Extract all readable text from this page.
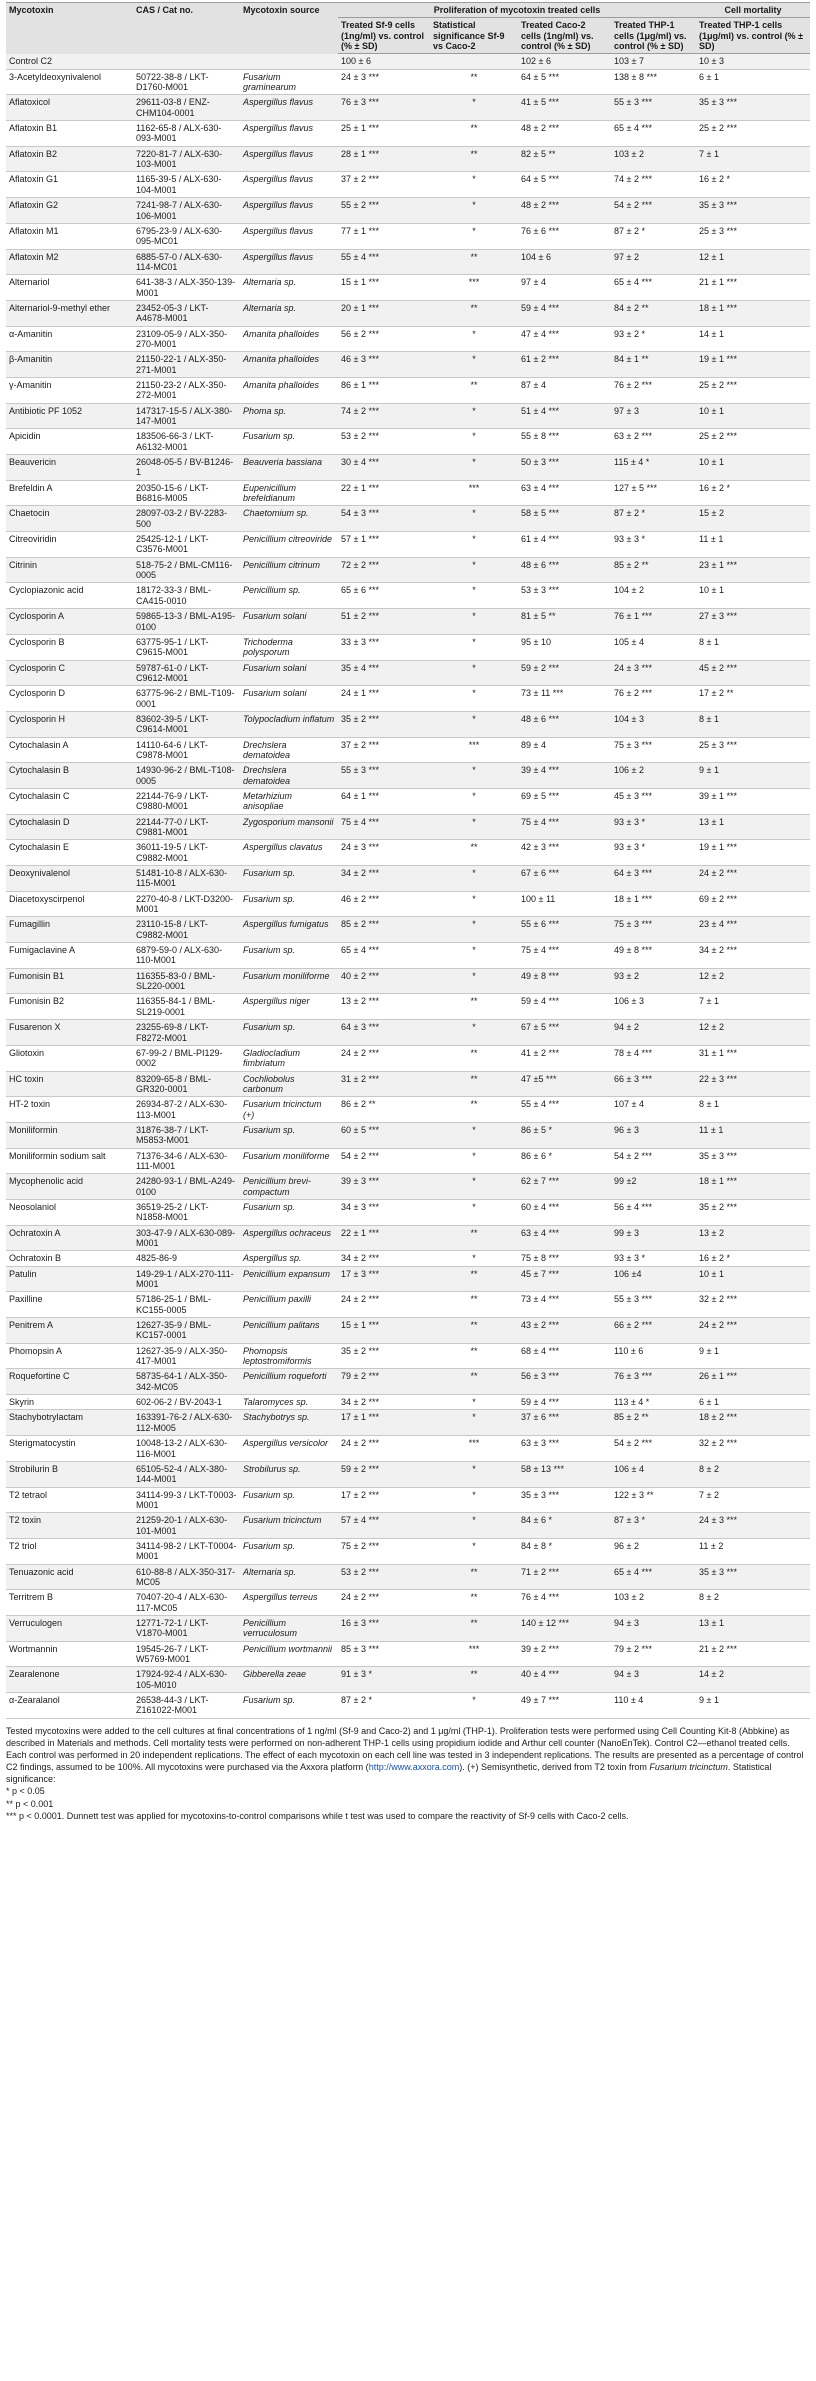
Mycotoxin	CAS / Cat no.	Mycotoxin source	Proliferation of mycotoxin treated cells				Cell mortality
			Treated Sf-9 cells (1ng/ml) vs. control (% ± SD)	Statistical significance Sf-9 vs Caco-2	Treated Caco-2 cells (1ng/ml) vs. control (% ± SD)	Treated THP-1 cells (1μg/ml) vs. control (% ± SD)	Treated THP-1 cells (1μg/ml) vs. control (% ± SD)
Control C2			100 ± 6		102 ± 6	103 ± 7	10 ± 3
3-Acetyldeoxynivalenol	50722-38-8 / LKT-D1760-M001	Fusarium graminearum	24 ± 3 ***	**	64 ± 5 ***	138 ± 8 ***	6 ± 1
Aflatoxicol	29611-03-8 / ENZ-CHM104-0001	Aspergillus flavus	76 ± 3 ***	*	41 ± 5 ***	55 ± 3 ***	35 ± 3 ***
Aflatoxin B1	1162-65-8 / ALX-630-093-M001	Aspergillus flavus	25 ± 1 ***	**	48 ± 2 ***	65 ± 4 ***	25 ± 2 ***
Aflatoxin B2	7220-81-7 / ALX-630-103-M001	Aspergillus flavus	28 ± 1 ***	**	82 ± 5 **	103 ± 2	7 ± 1
Aflatoxin G1	1165-39-5 / ALX-630-104-M001	Aspergillus flavus	37 ± 2 ***	*	64 ± 5 ***	74 ± 2 ***	16 ± 2 *
Aflatoxin G2	7241-98-7 / ALX-630-106-M001	Aspergillus flavus	55 ± 2 ***	*	48 ± 2 ***	54 ± 2 ***	35 ± 3 ***
Aflatoxin M1	6795-23-9 / ALX-630-095-MC01	Aspergillus flavus	77 ± 1 ***	*	76 ± 6 ***	87 ± 2 *	25 ± 3 ***
Aflatoxin M2	6885-57-0 / ALX-630-114-MC01	Aspergillus flavus	55 ± 4 ***	**	104 ± 6	97 ± 2	12 ± 1
Alternariol	641-38-3 / ALX-350-139-M001	Alternaria sp.	15 ± 1 ***	***	97 ± 4	65 ± 4 ***	21 ± 1 ***
Alternariol-9-methyl ether	23452-05-3 / LKT-A4678-M001	Alternaria sp.	20 ± 1 ***	**	59 ± 4 ***	84 ± 2 **	18 ± 1 ***
α-Amanitin	23109-05-9 / ALX-350-270-M001	Amanita phalloides	56 ± 2 ***	*	47 ± 4 ***	93 ± 2 *	14 ± 1
β-Amanitin	21150-22-1 / ALX-350-271-M001	Amanita phalloides	46 ± 3 ***	*	61 ± 2 ***	84 ± 1 **	19 ± 1 ***
γ-Amanitin	21150-23-2 / ALX-350-272-M001	Amanita phalloides	86 ± 1 ***	**	87 ± 4	76 ± 2 ***	25 ± 2 ***
Antibiotic PF 1052	147317-15-5 / ALX-380-147-M001	Phoma sp.	74 ± 2 ***	*	51 ± 4 ***	97 ± 3	10 ± 1
Apicidin	183506-66-3 / LKT-A6132-M001	Fusarium sp.	53 ± 2 ***	*	55 ± 8 ***	63 ± 2 ***	25 ± 2 ***
Beauvericin	26048-05-5 / BV-B1246-1	Beauveria bassiana	30 ± 4 ***	*	50 ± 3 ***	115 ± 4 *	10 ± 1
Brefeldin A	20350-15-6 / LKT-B6816-M005	Eupenicillium brefeldianum	22 ± 1 ***	***	63 ± 4 ***	127 ± 5 ***	16 ± 2 *
Chaetocin	28097-03-2 / BV-2283-500	Chaetomium sp.	54 ± 3 ***	*	58 ± 5 ***	87 ± 2 *	15 ± 2
Citreoviridin	25425-12-1 / LKT-C3576-M001	Penicillium citreoviride	57 ± 1 ***	*	61 ± 4 ***	93 ± 3 *	11 ± 1
Citrinin	518-75-2 / BML-CM116-0005	Penicillium citrinum	72 ± 2 ***	*	48 ± 6 ***	85 ± 2 **	23 ± 1 ***
Cyclopiazonic acid	18172-33-3 / BML-CA415-0010	Penicillium sp.	65 ± 6 ***	*	53 ± 3 ***	104 ± 2	10 ± 1
Cyclosporin A	59865-13-3 / BML-A195-0100	Fusarium solani	51 ± 2 ***	*	81 ± 5 **	76 ± 1 ***	27 ± 3 ***
Cyclosporin B	63775-95-1 / LKT-C9615-M001	Trichoderma polysporum	33 ± 3 ***	*	95 ± 10	105 ± 4	8 ± 1
Cyclosporin C	59787-61-0 / LKT-C9612-M001	Fusarium solani	35 ± 4 ***	*	59 ± 2 ***	24 ± 3 ***	45 ± 2 ***
Cyclosporin D	63775-96-2 / BML-T109-0001	Fusarium solani	24 ± 1 ***	*	73 ± 11 ***	76 ± 2 ***	17 ± 2 **
Cyclosporin H	83602-39-5 / LKT-C9614-M001	Tolypocladium inflatum	35 ± 2 ***	*	48 ± 6 ***	104 ± 3	8 ± 1
Cytochalasin A	14110-64-6 / LKT-C9878-M001	Drechslera dematoidea	37 ± 2 ***	***	89 ± 4	75 ± 3 ***	25 ± 3 ***
Cytochalasin B	14930-96-2 / BML-T108-0005	Drechslera dematoidea	55 ± 3 ***	*	39 ± 4 ***	106 ± 2	9 ± 1
Cytochalasin C	22144-76-9 / LKT-C9880-M001	Metarhizium anisopliae	64 ± 1 ***	*	69 ± 5 ***	45 ± 3 ***	39 ± 1 ***
Cytochalasin D	22144-77-0 / LKT-C9881-M001	Zygosporium mansonii	75 ± 4 ***	*	75 ± 4 ***	93 ± 3 *	13 ± 1
Cytochalasin E	36011-19-5 / LKT-C9882-M001	Aspergillus clavatus	24 ± 3 ***	**	42 ± 3 ***	93 ± 3 *	19 ± 1 ***
Deoxynivalenol	51481-10-8 / ALX-630-115-M001	Fusarium sp.	34 ± 2 ***	*	67 ± 6 ***	64 ± 3 ***	24 ± 2 ***
Diacetoxyscirpenol	2270-40-8 / LKT-D3200-M001	Fusarium sp.	46 ± 2 ***	*	100 ± 11	18 ± 1 ***	69 ± 2 ***
Fumagillin	23110-15-8 / LKT-C9882-M001	Aspergillus fumigatus	85 ± 2 ***	*	55 ± 6 ***	75 ± 3 ***	23 ± 4 ***
Fumigaclavine A	6879-59-0 / ALX-630-110-M001	Fusarium sp.	65 ± 4 ***	*	75 ± 4 ***	49 ± 8 ***	34 ± 2 ***
Fumonisin B1	116355-83-0 / BML-SL220-0001	Fusarium moniliforme	40 ± 2 ***	*	49 ± 8 ***	93 ± 2	12 ± 2
Fumonisin B2	116355-84-1 / BML-SL219-0001	Aspergillus niger	13 ± 2 ***	**	59 ± 4 ***	106 ± 3	7 ± 1
Fusarenon X	23255-69-8 / LKT-F8272-M001	Fusarium sp.	64 ± 3 ***	*	67 ± 5 ***	94 ± 2	12 ± 2
Gliotoxin	67-99-2 / BML-PI129-0002	Gladiocladium fimbriatum	24 ± 2 ***	**	41 ± 2 ***	78 ± 4 ***	31 ± 1 ***
HC toxin	83209-65-8 / BML-GR320-0001	Cochliobolus carbonum	31 ± 2 ***	**	47 ±5 ***	66 ± 3 ***	22 ± 3 ***
HT-2 toxin	26934-87-2 / ALX-630-113-M001	Fusarium tricinctum (+)	86 ± 2 **	**	55 ± 4 ***	107 ± 4	8 ± 1
Moniliformin	31876-38-7 / LKT-M5853-M001	Fusarium sp.	60 ± 5 ***	*	86 ± 5 *	96 ± 3	11 ± 1
Moniliformin sodium salt	71376-34-6 / ALX-630-111-M001	Fusarium moniliforme	54 ± 2 ***	*	86 ± 6 *	54 ± 2 ***	35 ± 3 ***
Mycophenolic acid	24280-93-1 / BML-A249-0100	Penicillium brevi-compactum	39 ± 3 ***	*	62 ± 7 ***	99 ±2	18 ± 1 ***
Neosolaniol	36519-25-2 / LKT-N1858-M001	Fusarium sp.	34 ± 3 ***	*	60 ± 4 ***	56 ± 4 ***	35 ± 2 ***
Ochratoxin A	303-47-9 / ALX-630-089-M001	Aspergillus ochraceus	22 ± 1 ***	**	63 ± 4 ***	99 ± 3	13 ± 2
Ochratoxin B	4825-86-9	Aspergillus sp.	34 ± 2 ***	*	75 ± 8 ***	93 ± 3 *	16 ± 2 *
Patulin	149-29-1 / ALX-270-111-M001	Penicillium expansum	17 ± 3 ***	**	45 ± 7 ***	106 ±4	10 ± 1
Paxilline	57186-25-1 / BML-KC155-0005	Penicillium paxilli	24 ± 2 ***	**	73 ± 4 ***	55 ± 3 ***	32 ± 2 ***
Penitrem A	12627-35-9 / BML-KC157-0001	Penicillium palitans	15 ± 1 ***	**	43 ± 2 ***	66 ± 2 ***	24 ± 2 ***
Phomopsin A	12627-35-9 / ALX-350-417-M001	Phomopsis leptostromiformis	35 ± 2 ***	**	68 ± 4 ***	110 ± 6	9 ± 1
Roquefortine C	58735-64-1 / ALX-350-342-MC05	Penicillium roqueforti	79 ± 2 ***	**	56 ± 3 ***	76 ± 3 ***	26 ± 1 ***
Skyrin	602-06-2 / BV-2043-1	Talaromyces sp.	34 ± 2 ***	*	59 ± 4 ***	113 ± 4 *	6 ± 1
Stachybotrylactam	163391-76-2 / ALX-630-112-M005	Stachybotrys sp.	17 ± 1 ***	*	37 ± 6 ***	85 ± 2 **	18 ± 2 ***
Sterigmatocystin	10048-13-2 / ALX-630-116-M001	Aspergillus versicolor	24 ± 2 ***	***	63 ± 3 ***	54 ± 2 ***	32 ± 2 ***
Strobilurin B	65105-52-4 / ALX-380-144-M001	Strobilurus sp.	59 ± 2 ***	*	58 ± 13 ***	106 ± 4	8 ± 2
T2 tetraol	34114-99-3 / LKT-T0003-M001	Fusarium sp.	17 ± 2 ***	*	35 ± 3 ***	122 ± 3 **	7 ± 2
T2 toxin	21259-20-1 / ALX-630-101-M001	Fusarium tricinctum	57 ± 4 ***	*	84 ± 6 *	87 ± 3 *	24 ± 3 ***
T2 triol	34114-98-2 / LKT-T0004-M001	Fusarium sp.	75 ± 2 ***	*	84 ± 8 *	96 ± 2	11 ± 2
Tenuazonic acid	610-88-8 / ALX-350-317-MC05	Alternaria sp.	53 ± 2 ***	**	71 ± 2 ***	65 ± 4 ***	35 ± 3 ***
Territrem B	70407-20-4 / ALX-630-117-MC05	Aspergillus terreus	24 ± 2 ***	**	76 ± 4 ***	103 ± 2	8 ± 2
Verruculogen	12771-72-1 / LKT-V1870-M001	Penicillium verruculosum	16 ± 3 ***	**	140 ± 12 ***	94 ± 3	13 ± 1
Wortmannin	19545-26-7 / LKT-W5769-M001	Penicillium wortmannii	85 ± 3 ***	***	39 ± 2 ***	79 ± 2 ***	21 ± 2 ***
Zearalenone	17924-92-4 / ALX-630-105-M010	Gibberella zeae	91 ± 3 *	**	40 ± 4 ***	94 ± 3	14 ± 2
α-Zearalanol	26538-44-3 / LKT-Z161022-M001	Fusarium sp.	87 ± 2 *	*	49 ± 7 ***	110 ± 4	9 ± 1

Tested mycotoxins were added to the cell cultures at final concentrations of 1 ng/ml (Sf-9 and Caco-2) and 1 μg/ml (THP-1). Proliferation tests were performed using Cell Counting Kit-8 (Abbkine) as described in Materials and methods. Cell mortality tests were performed on non-adherent THP-1 cells using propidium iodide and Arthur cell counter (NanoEnTek). Control C2—ethanol treated cells. Each control was performed in 20 independent replications. The effect of each mycotoxin on each cell line was tested in 3 independent replications. The results are presented as a percentage of control C2 findings, assumed to be 100%. All mycotoxins were purchased via the Axxora platform (http://www.axxora.com). (+) Semisynthetic, derived from T2 toxin from Fusarium tricinctum. Statistical significance:

* p < 0.05

** p < 0.001

*** p < 0.0001. Dunnett test was applied for mycotoxins-to-control comparisons while t test was used to compare the reactivity of Sf-9 cells with Caco-2 cells.
